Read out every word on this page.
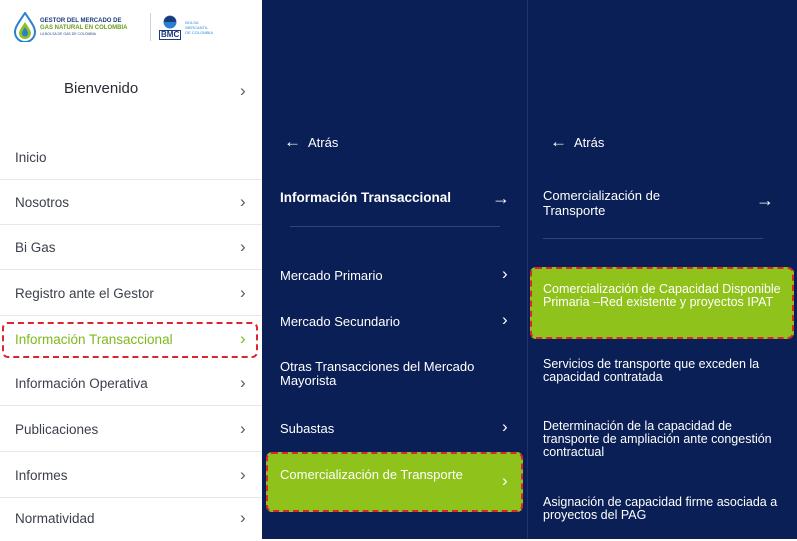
GESTOR DEL MERCADO DE
GAS NATURAL EN COLOMBIA
LA BOLSA DE GAS DE COLOMBIA	BMC
BOLSA
MERCANTIL
DE COLOMBIA
Bienvenido	›
Inicio
Nosotros	›
Bi Gas	›
Registro ante el Gestor	›
Información Transaccional	›
Información Operativa	›
Publicaciones	›
Informes	›
Normatividad	›
← Atrás
Información Transaccional →
Mercado Primario	›
Mercado Secundario	›
Otras Transacciones del Mercado Mayorista
Subastas	›
Comercialización de Transporte	›
← Atrás
Comercialización de Transporte
→
Comercialización de Capacidad Disponible Primaria –Red existente y proyectos IPAT
Servicios de transporte que exceden la capacidad contratada
Determinación de la capacidad de transporte de ampliación ante congestión contractual
Asignación de capacidad firme asociada a proyectos del PAG
